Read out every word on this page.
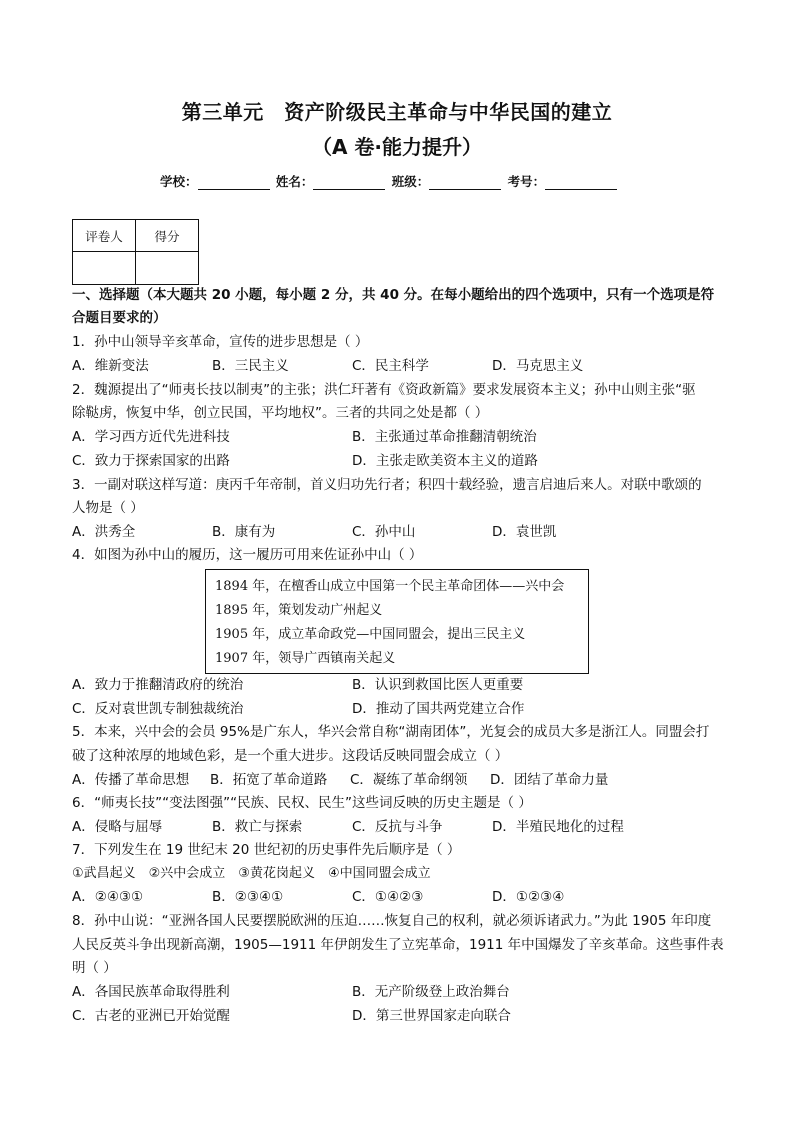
第三单元　资产阶级民主革命与中华民国的建立
（A 卷·能力提升）
学校：	姓名：	班级：	考号：
评卷人	得分

一、选择题（本大题共 20 小题，每小题 2 分，共 40 分。在每小题给出的四个选项中，只有一个选项是符
合题目要求的）
1．孙中山领导辛亥革命，宣传的进步思想是（ ）
A．维新变法	B．三民主义	C．民主科学	D．马克思主义
2．魏源提出了“师夷长技以制夷”的主张；洪仁玕著有《资政新篇》要求发展资本主义；孙中山则主张“驱
除鞑虏，恢复中华，创立民国，平均地权”。三者的共同之处是都（ ）
A．学习西方近代先进科技	B．主张通过革命推翻清朝统治
C．致力于探索国家的出路	D．主张走欧美资本主义的道路
3．一副对联这样写道：庚丙千年帝制，首义归功先行者；积四十载经验，遗言启迪后来人。对联中歌颂的
人物是（ ）
A．洪秀全	B．康有为	C．孙中山	D．袁世凯
4．如图为孙中山的履历，这一履历可用来佐证孙中山（ ）
1894 年，在檀香山成立中国第一个民主革命团体——兴中会
1895 年，策划发动广州起义
1905 年，成立革命政党—中国同盟会，提出三民主义
1907 年，领导广西镇南关起义
A．致力于推翻清政府的统治	B．认识到救国比医人更重要
C．反对袁世凯专制独裁统治	D．推动了国共两党建立合作
5．本来，兴中会的会员 95%是广东人，华兴会常自称“湖南团体”，光复会的成员大多是浙江人。同盟会打
破了这种浓厚的地域色彩，是一个重大进步。这段话反映同盟会成立（ ）
A．传播了革命思想 B．拓宽了革命道路 C．凝练了革命纲领 D．团结了革命力量
6．“师夷长技”“变法图强”“民族、民权、民生”这些词反映的历史主题是（ ）
A．侵略与屈辱	B．救亡与探索	C．反抗与斗争	D．半殖民地化的过程
7．下列发生在 19 世纪末 20 世纪初的历史事件先后顺序是（ ）
①武昌起义　②兴中会成立　③黄花岗起义　④中国同盟会成立
A．②④③①	B．②③④①	C．①④②③	D．①②③④
8．孙中山说：“亚洲各国人民要摆脱欧洲的压迫……恢复自己的权利，就必须诉诸武力。”为此 1905 年印度
人民反英斗争出现新高潮，1905—1911 年伊朗发生了立宪革命，1911 年中国爆发了辛亥革命。这些事件表
明（ ）
A．各国民族革命取得胜利	B．无产阶级登上政治舞台
C．古老的亚洲已开始觉醒	D．第三世界国家走向联合
